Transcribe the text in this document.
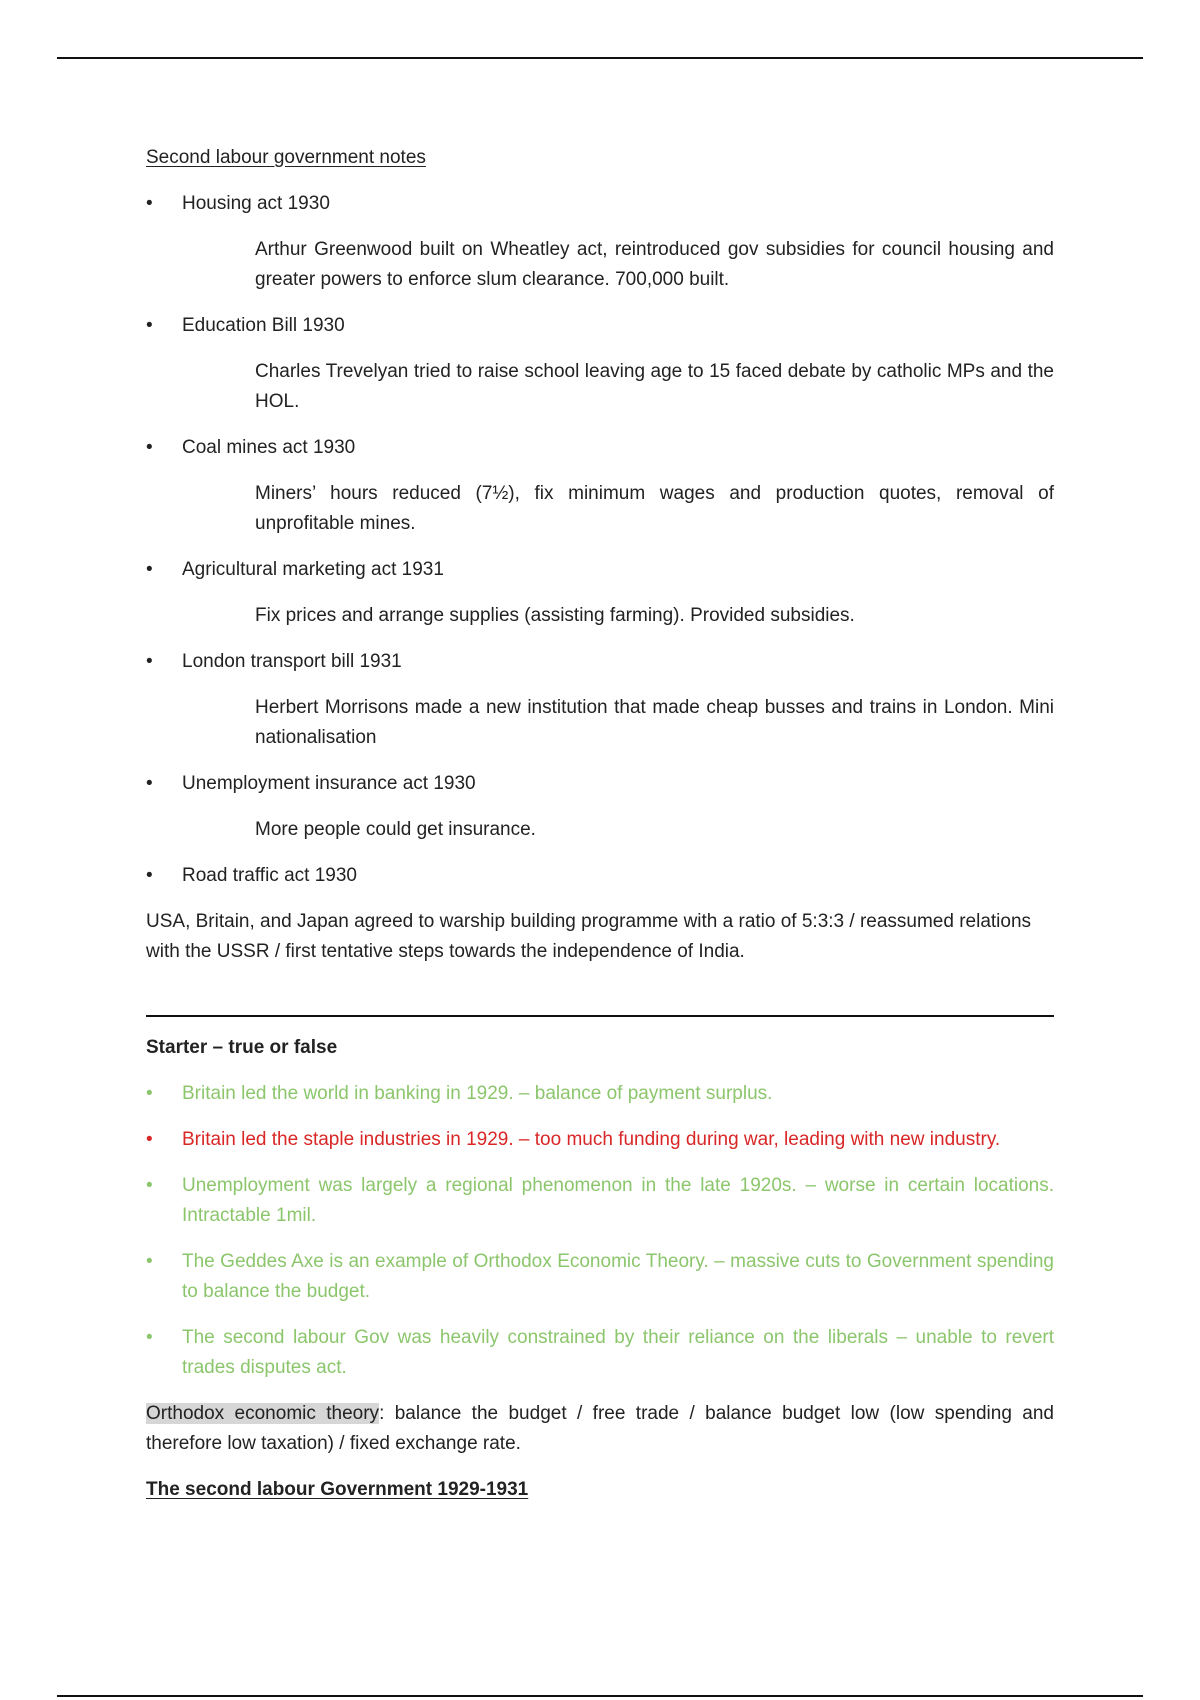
Second labour government notes
• Housing act 1930

Arthur Greenwood built on Wheatley act, reintroduced gov subsidies for council housing and greater powers to enforce slum clearance. 700,000 built.

• Education Bill 1930

Charles Trevelyan tried to raise school leaving age to 15 faced debate by catholic MPs and the HOL.

• Coal mines act 1930

Miners’ hours reduced (7½), fix minimum wages and production quotes, removal of unprofitable mines.

• Agricultural marketing act 1931

Fix prices and arrange supplies (assisting farming). Provided subsidies.

• London transport bill 1931

Herbert Morrisons made a new institution that made cheap busses and trains in London. Mini nationalisation

• Unemployment insurance act 1930

More people could get insurance.

• Road traffic act 1930

USA, Britain, and Japan agreed to warship building programme with a ratio of 5:3:3 / reassumed relations with the USSR / first tentative steps towards the independence of India.

Starter – true or false
• Britain led the world in banking in 1929. – balance of payment surplus.
• Britain led the staple industries in 1929. – too much funding during war, leading with new industry.
• Unemployment was largely a regional phenomenon in the late 1920s. – worse in certain locations. Intractable 1mil.
• The Geddes Axe is an example of Orthodox Economic Theory. – massive cuts to Government spending to balance the budget.
• The second labour Gov was heavily constrained by their reliance on the liberals – unable to revert trades disputes act.

Orthodox economic theory: balance the budget / free trade / balance budget low (low spending and therefore low taxation) / fixed exchange rate.

The second labour Government 1929-1931
